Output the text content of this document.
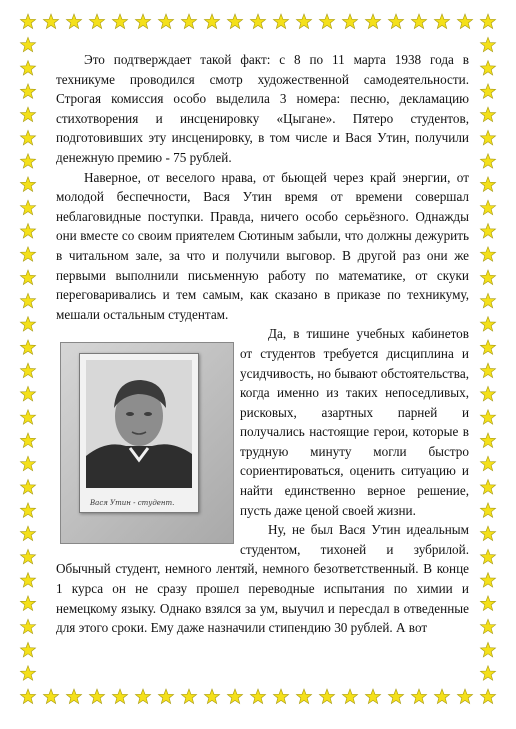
Это подтверждает такой факт: с 8 по 11 марта 1938 года в техникуме проводился смотр художественной самодеятельности. Строгая комиссия особо выделила 3 номера: песню, декламацию стихотворения и инсценировку «Цыгане». Пятеро студентов, подготовивших эту инсценировку, в том числе и Вася Утин, получили денежную премию - 75 рублей.

Наверное, от веселого нрава, от бьющей через край энергии, от молодой беспечности, Вася Утин время от времени совершал неблаговидные поступки. Правда, ничего особо серьёзного. Однажды они вместе со своим приятелем Сютиным забыли, что должны дежурить в читальном зале, за что и получили выговор. В другой раз они же первыми выполнили письменную работу по математике, от скуки переговаривались и тем самым, как сказано в приказе по техникуму, мешали остальным студентам.

Вася Утин - студент.

Да, в тишине учебных кабинетов от студентов требуется дисциплина и усидчивость, но бывают обстоятельства, когда именно из таких непоседливых, рисковых, азартных парней и получались настоящие герои, которые в трудную минуту могли быстро сориентироваться, оценить ситуацию и найти единственно верное решение, пусть даже ценой своей жизни.

Ну, не был Вася Утин идеальным студентом, тихоней и зубрилой. Обычный студент, немного лентяй, немного безответственный. В конце 1 курса он не сразу прошел переводные испытания по химии и немецкому языку. Однако взялся за ум, выучил и пересдал в отведенные для этого сроки. Ему даже назначили стипендию 30 рублей. А вот
